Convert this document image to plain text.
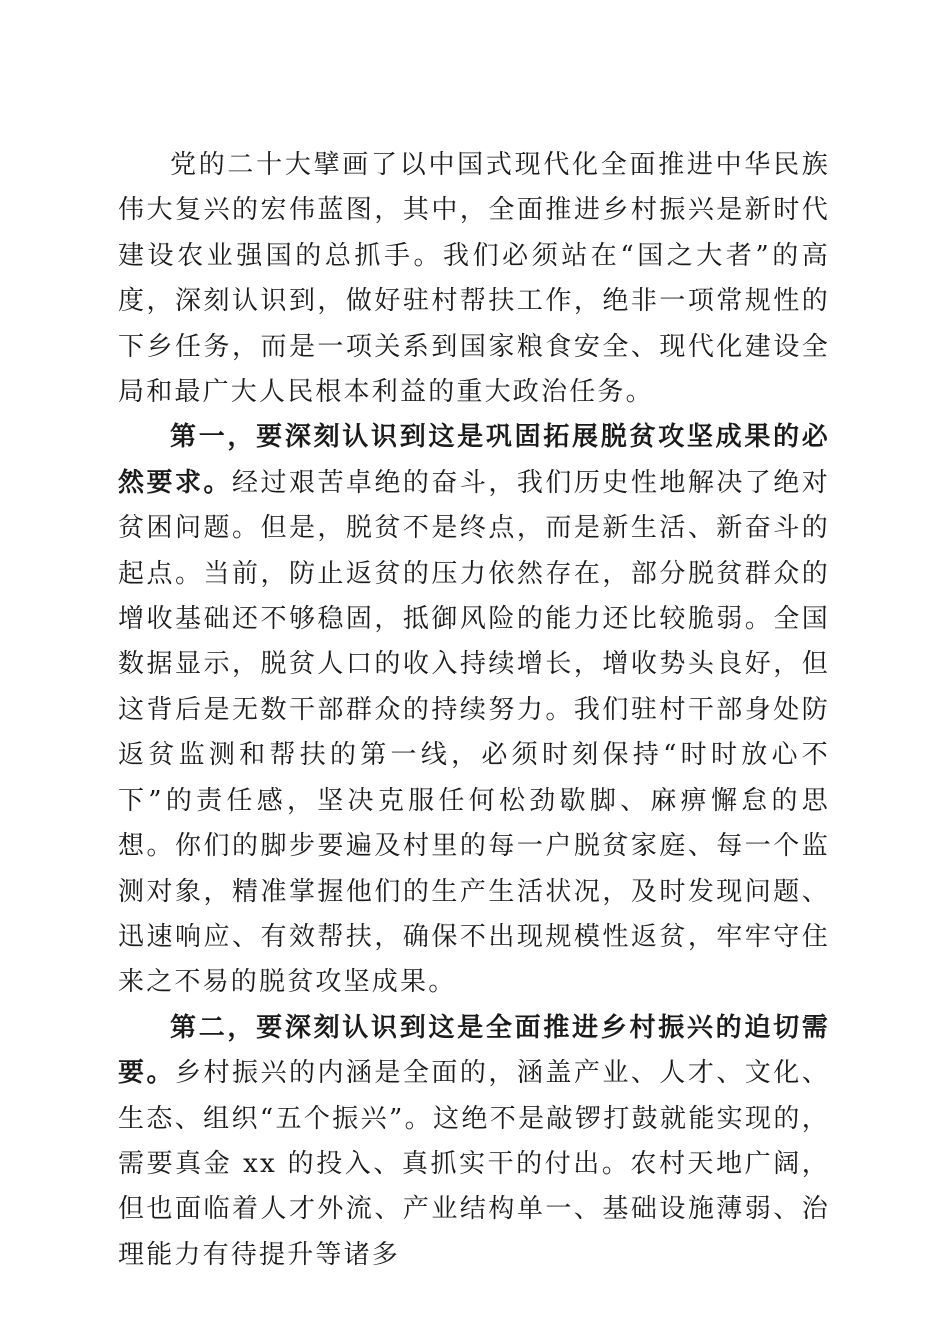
党的二十大擘画了以中国式现代化全面推进中华民族伟大复兴的宏伟蓝图，其中，全面推进乡村振兴是新时代建设农业强国的总抓手。我们必须站在“国之大者”的高度，深刻认识到，做好驻村帮扶工作，绝非一项常规性的下乡任务，而是一项关系到国家粮食安全、现代化建设全局和最广大人民根本利益的重大政治任务。

第一，要深刻认识到这是巩固拓展脱贫攻坚成果的必然要求。经过艰苦卓绝的奋斗，我们历史性地解决了绝对贫困问题。但是，脱贫不是终点，而是新生活、新奋斗的起点。当前，防止返贫的压力依然存在，部分脱贫群众的增收基础还不够稳固，抵御风险的能力还比较脆弱。全国数据显示，脱贫人口的收入持续增长，增收势头良好，但这背后是无数干部群众的持续努力。我们驻村干部身处防返贫监测和帮扶的第一线，必须时刻保持“时时放心不下”的责任感，坚决克服任何松劲歇脚、麻痹懈怠的思想。你们的脚步要遍及村里的每一户脱贫家庭、每一个监测对象，精准掌握他们的生产生活状况，及时发现问题、迅速响应、有效帮扶，确保不出现规模性返贫，牢牢守住来之不易的脱贫攻坚成果。

第二，要深刻认识到这是全面推进乡村振兴的迫切需要。乡村振兴的内涵是全面的，涵盖产业、人才、文化、生态、组织“五个振兴”。这绝不是敲锣打鼓就能实现的，需要真金 xx 的投入、真抓实干的付出。农村天地广阔，但也面临着人才外流、产业结构单一、基础设施薄弱、治理能力有待提升等诸多
